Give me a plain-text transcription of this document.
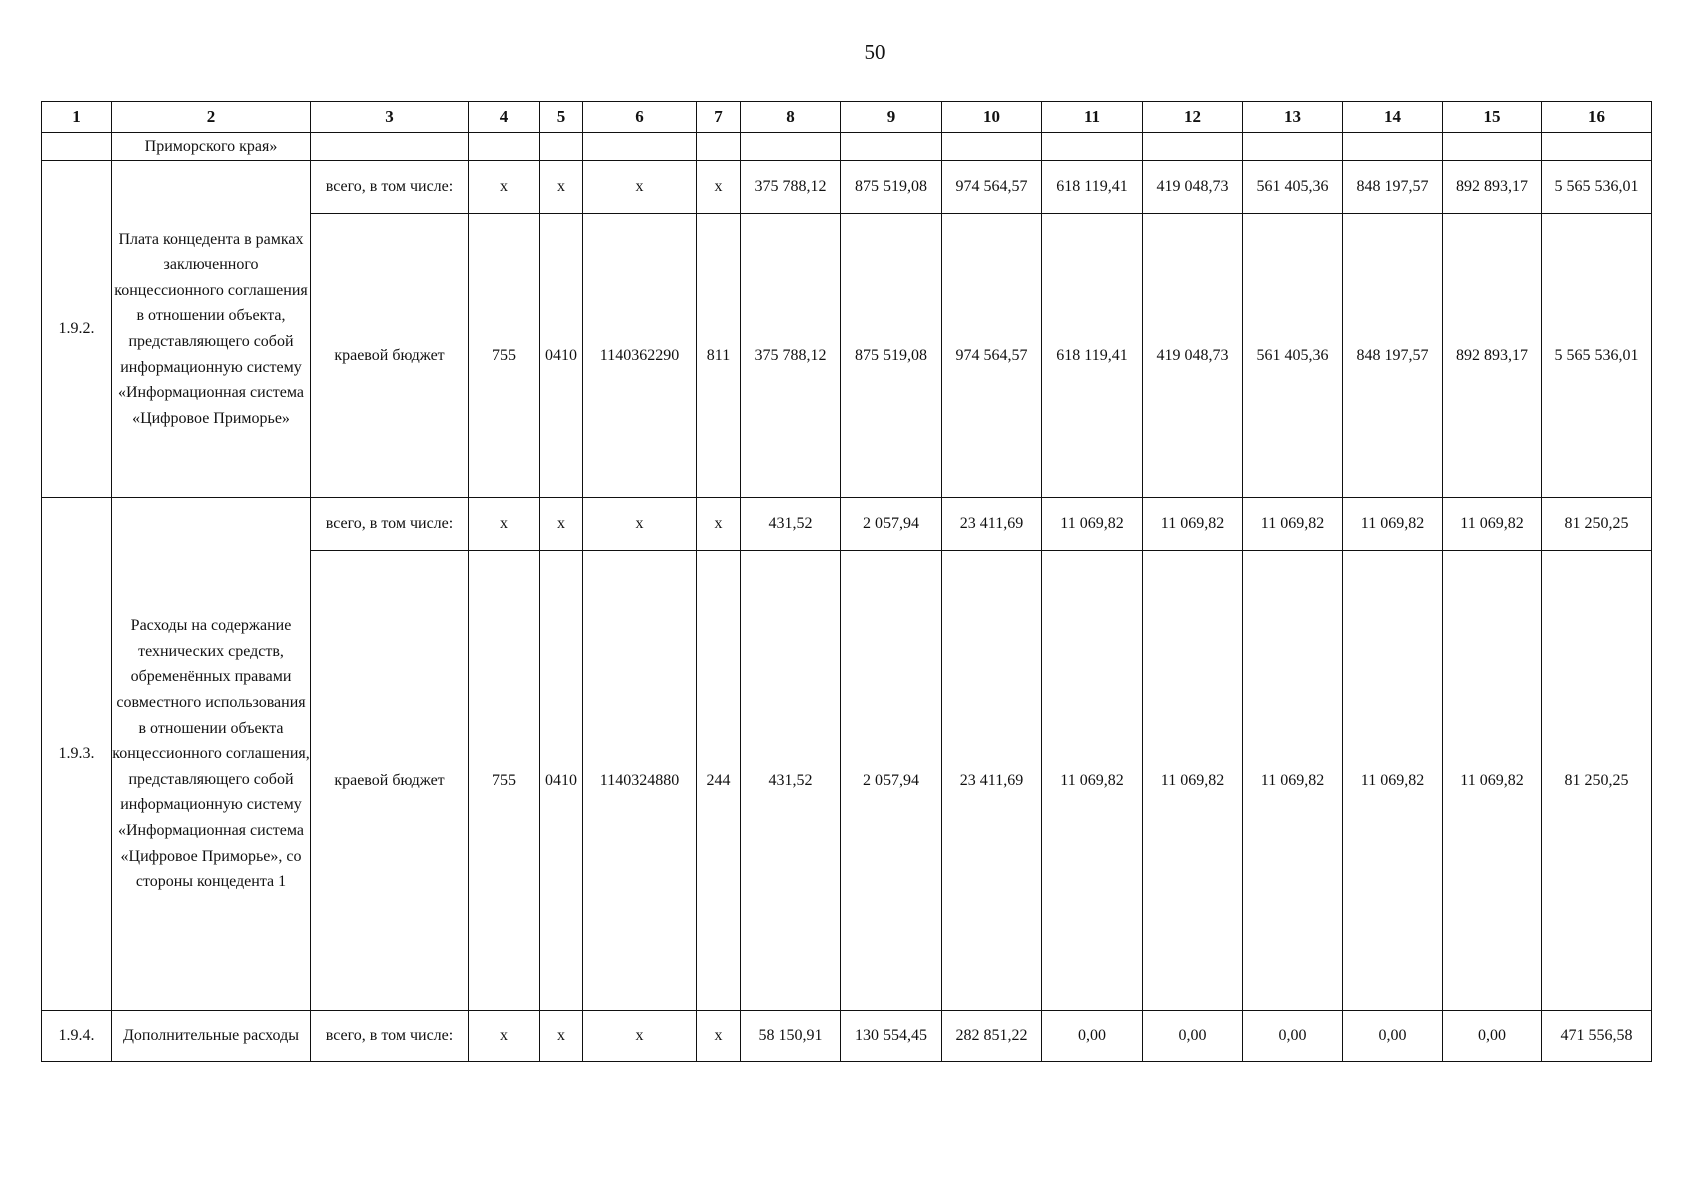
50
1	2	3	4	5	6	7	8	9	10	11	12	13	14	15	16
	Приморского края»														
1.9.2.	Плата концедента в рамках заключенного концессионного соглашения в отношении объекта, представляющего собой информационную систему «Информационная система «Цифровое Приморье»	всего, в том числе:	x	x	x	x	375 788,12	875 519,08	974 564,57	618 119,41	419 048,73	561 405,36	848 197,57	892 893,17	5 565 536,01
		краевой бюджет	755	0410	1140362290	811	375 788,12	875 519,08	974 564,57	618 119,41	419 048,73	561 405,36	848 197,57	892 893,17	5 565 536,01
1.9.3.	Расходы на содержание технических средств, обременённых правами совместного использования в отношении объекта концессионного соглашения, представляющего собой информационную систему «Информационная система «Цифровое Приморье», со стороны концедента 1	всего, в том числе:	x	x	x	x	431,52	2 057,94	23 411,69	11 069,82	11 069,82	11 069,82	11 069,82	11 069,82	81 250,25
		краевой бюджет	755	0410	1140324880	244	431,52	2 057,94	23 411,69	11 069,82	11 069,82	11 069,82	11 069,82	11 069,82	81 250,25
1.9.4.	Дополнительные расходы	всего, в том числе:	x	x	x	x	58 150,91	130 554,45	282 851,22	0,00	0,00	0,00	0,00	0,00	471 556,58
